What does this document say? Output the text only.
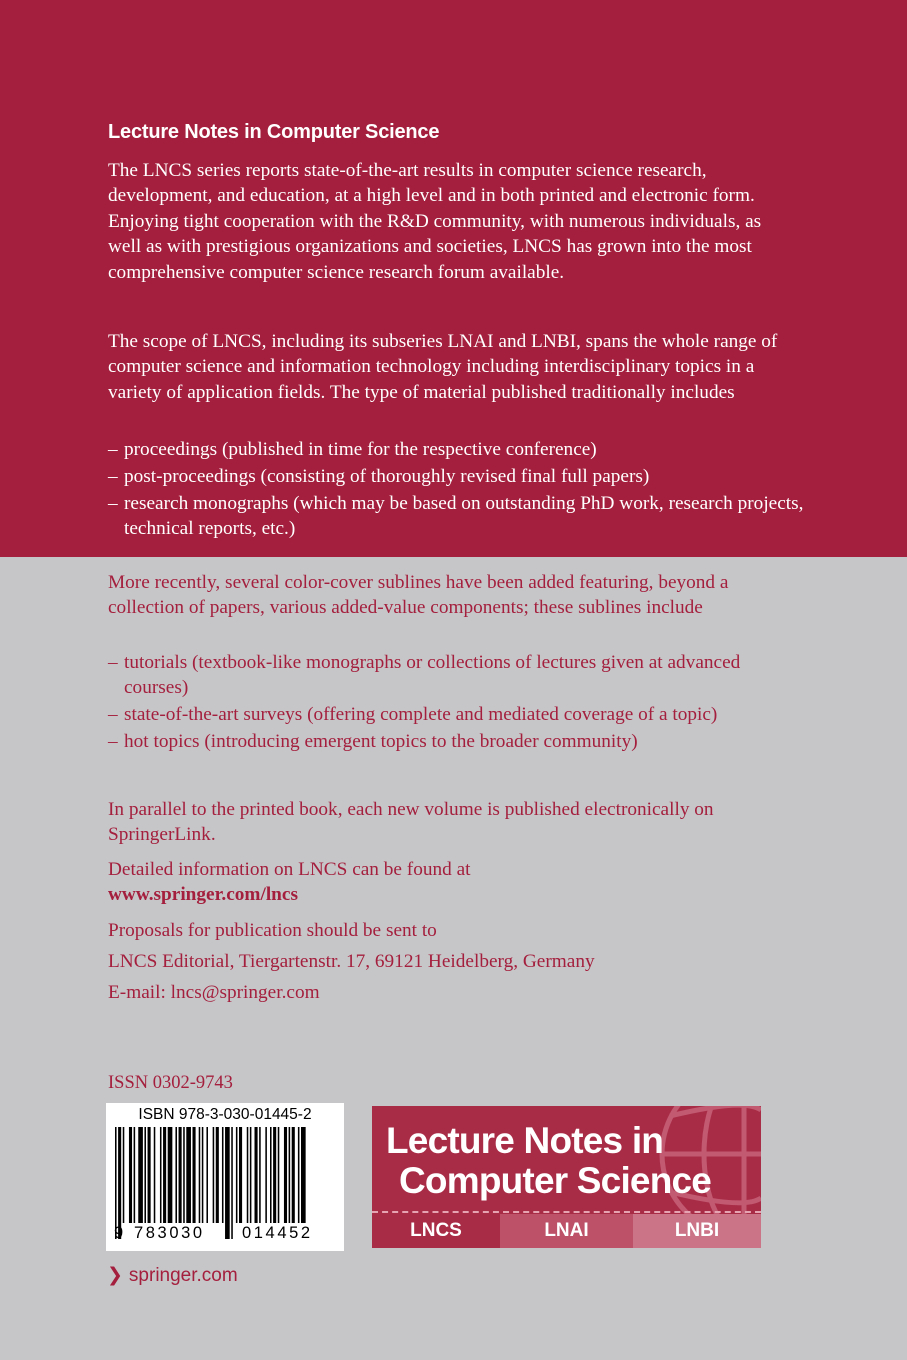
Lecture Notes in Computer Science

The LNCS series reports state-of-the-art results in computer science research, development, and education, at a high level and in both printed and electronic form. Enjoying tight cooperation with the R&D community, with numerous individuals, as well as with prestigious organizations and societies, LNCS has grown into the most comprehensive computer science research forum available.

The scope of LNCS, including its subseries LNAI and LNBI, spans the whole range of computer science and information technology including interdisciplinary topics in a variety of application fields. The type of material published traditionally includes

– proceedings (published in time for the respective conference)
– post-proceedings (consisting of thoroughly revised final full papers)
– research monographs (which may be based on outstanding PhD work, research projects, technical reports, etc.)

More recently, several color-cover sublines have been added featuring, beyond a collection of papers, various added-value components; these sublines include

– tutorials (textbook-like monographs or collections of lectures given at advanced courses)
– state-of-the-art surveys (offering complete and mediated coverage of a topic)
– hot topics (introducing emergent topics to the broader community)

In parallel to the printed book, each new volume is published electronically on SpringerLink.

Detailed information on LNCS can be found at

www.springer.com/lncs

Proposals for publication should be sent to

LNCS Editorial, Tiergartenstr. 17, 69121 Heidelberg, Germany

E-mail: lncs@springer.com

ISSN 0302-9743
ISBN 978-3-030-01445-2
9 783030 014452
Lecture Notes in
Computer Science
LNCS	LNAI	LNBI
❯ springer.com
